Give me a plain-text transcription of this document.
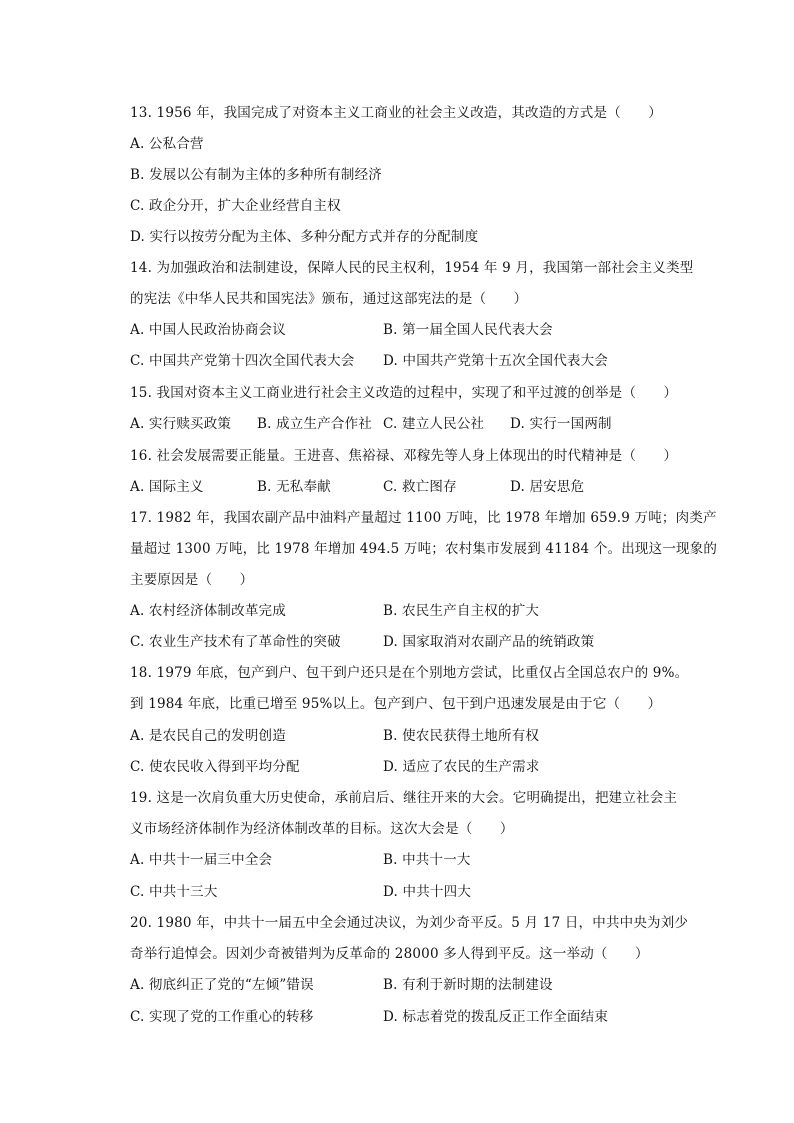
13. 1956 年，我国完成了对资本主义工商业的社会主义改造，其改造的方式是（　　）
A. 公私合营
B. 发展以公有制为主体的多种所有制经济
C. 政企分开，扩大企业经营自主权
D. 实行以按劳分配为主体、多种分配方式并存的分配制度
14. 为加强政治和法制建设，保障人民的民主权利，1954 年 9 月，我国第一部社会主义类型
的宪法《中华人民共和国宪法》颁布，通过这部宪法的是（　　）
A. 中国人民政治协商会议	B. 第一届全国人民代表大会
C. 中国共产党第十四次全国代表大会 D. 中国共产党第十五次全国代表大会
15. 我国对资本主义工商业进行社会主义改造的过程中，实现了和平过渡的创举是（　　）
A. 实行赎买政策 B. 成立生产合作社 C. 建立人民公社 D. 实行一国两制
16. 社会发展需要正能量。王进喜、焦裕禄、邓稼先等人身上体现出的时代精神是（　　）
A. 国际主义	B. 无私奉献	C. 救亡图存	D. 居安思危
17. 1982 年，我国农副产品中油料产量超过 1100 万吨，比 1978 年增加 659.9 万吨；肉类产
量超过 1300 万吨，比 1978 年增加 494.5 万吨；农村集市发展到 41184 个。出现这一现象的
主要原因是（　　）
A. 农村经济体制改革完成	B. 农民生产自主权的扩大
C. 农业生产技术有了革命性的突破	D. 国家取消对农副产品的统销政策
18. 1979 年底，包产到户、包干到户还只是在个别地方尝试，比重仅占全国总农户的 9%。
到 1984 年底，比重已增至 95%以上。包产到户、包干到户迅速发展是由于它（　　）
A. 是农民自己的发明创造	B. 使农民获得土地所有权
C. 使农民收入得到平均分配	D. 适应了农民的生产需求
19. 这是一次肩负重大历史使命，承前启后、继往开来的大会。它明确提出，把建立社会主
义市场经济体制作为经济体制改革的目标。这次大会是（　　）
A. 中共十一届三中全会	B. 中共十一大
C. 中共十三大	D. 中共十四大
20. 1980 年，中共十一届五中全会通过决议，为刘少奇平反。5 月 17 日，中共中央为刘少
奇举行追悼会。因刘少奇被错判为反革命的 28000 多人得到平反。这一举动（　　）
A. 彻底纠正了党的“左倾”错误	B. 有利于新时期的法制建设
C. 实现了党的工作重心的转移	D. 标志着党的拨乱反正工作全面结束
